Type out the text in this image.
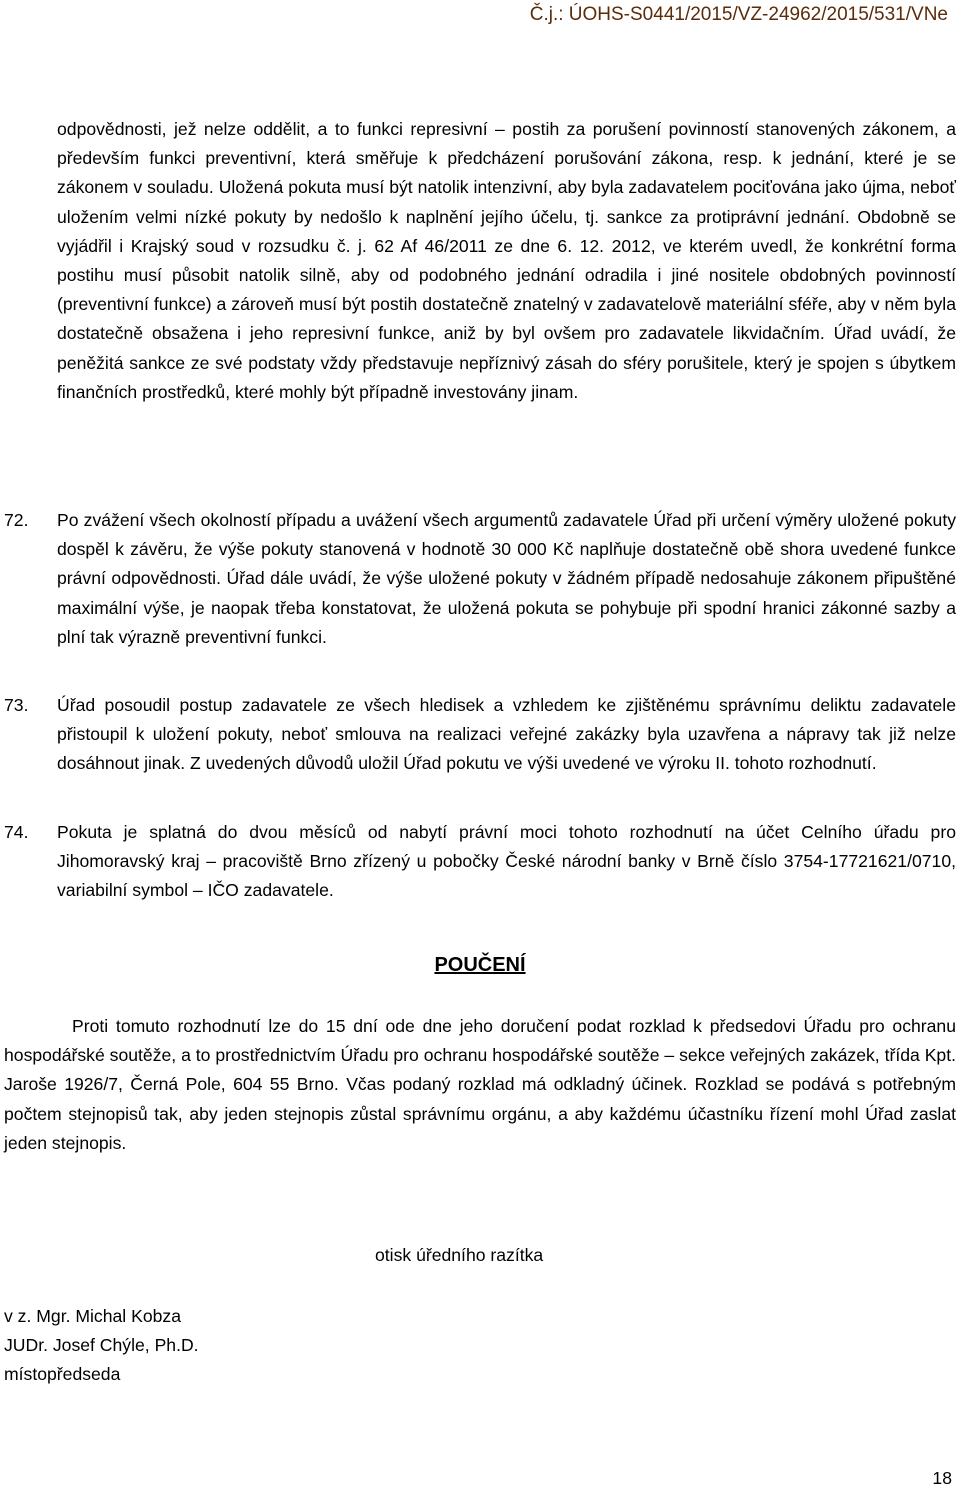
Č.j.: ÚOHS-S0441/2015/VZ-24962/2015/531/VNe

odpovědnosti, jež nelze oddělit, a to funkci represivní – postih za porušení povinností stanovených zákonem, a především funkci preventivní, která směřuje k předcházení porušování zákona, resp. k jednání, které je se zákonem v souladu. Uložená pokuta musí být natolik intenzivní, aby byla zadavatelem pociťována jako újma, neboť uložením velmi nízké pokuty by nedošlo k naplnění jejího účelu, tj. sankce za protiprávní jednání. Obdobně se vyjádřil i Krajský soud v rozsudku č. j. 62 Af 46/2011 ze dne 6. 12. 2012, ve kterém uvedl, že konkrétní forma postihu musí působit natolik silně, aby od podobného jednání odradila i jiné nositele obdobných povinností (preventivní funkce) a zároveň musí být postih dostatečně znatelný v zadavatelově materiální sféře, aby v něm byla dostatečně obsažena i jeho represivní funkce, aniž by byl ovšem pro zadavatele likvidačním. Úřad uvádí, že peněžitá sankce ze své podstaty vždy představuje nepříznivý zásah do sféry porušitele, který je spojen s úbytkem finančních prostředků, které mohly být případně investovány jinam.

72.	Po zvážení všech okolností případu a uvážení všech argumentů zadavatele Úřad při určení výměry uložené pokuty dospěl k závěru, že výše pokuty stanovená v hodnotě 30 000 Kč naplňuje dostatečně obě shora uvedené funkce právní odpovědnosti. Úřad dále uvádí, že výše uložené pokuty v žádném případě nedosahuje zákonem připuštěné maximální výše, je naopak třeba konstatovat, že uložená pokuta se pohybuje při spodní hranici zákonné sazby a plní tak výrazně preventivní funkci.

73.	Úřad posoudil postup zadavatele ze všech hledisek a vzhledem ke zjištěnému správnímu deliktu zadavatele přistoupil k uložení pokuty, neboť smlouva na realizaci veřejné zakázky byla uzavřena a nápravy tak již nelze dosáhnout jinak. Z uvedených důvodů uložil Úřad pokutu ve výši uvedené ve výroku II. tohoto rozhodnutí.

74.	Pokuta je splatná do dvou měsíců od nabytí právní moci tohoto rozhodnutí na účet Celního úřadu pro Jihomoravský kraj – pracoviště Brno zřízený u pobočky České národní banky v Brně číslo 3754-17721621/0710, variabilní symbol – IČO zadavatele.

POUČENÍ

Proti tomuto rozhodnutí lze do 15 dní ode dne jeho doručení podat rozklad k předsedovi Úřadu pro ochranu hospodářské soutěže, a to prostřednictvím Úřadu pro ochranu hospodářské soutěže – sekce veřejných zakázek, třída Kpt. Jaroše 1926/7, Černá Pole, 604 55 Brno. Včas podaný rozklad má odkladný účinek. Rozklad se podává s potřebným počtem stejnopisů tak, aby jeden stejnopis zůstal správnímu orgánu, a aby každému účastníku řízení mohl Úřad zaslat jeden stejnopis.

otisk úředního razítka
v z. Mgr. Michal Kobza
JUDr. Josef Chýle, Ph.D.
místopředseda
18
